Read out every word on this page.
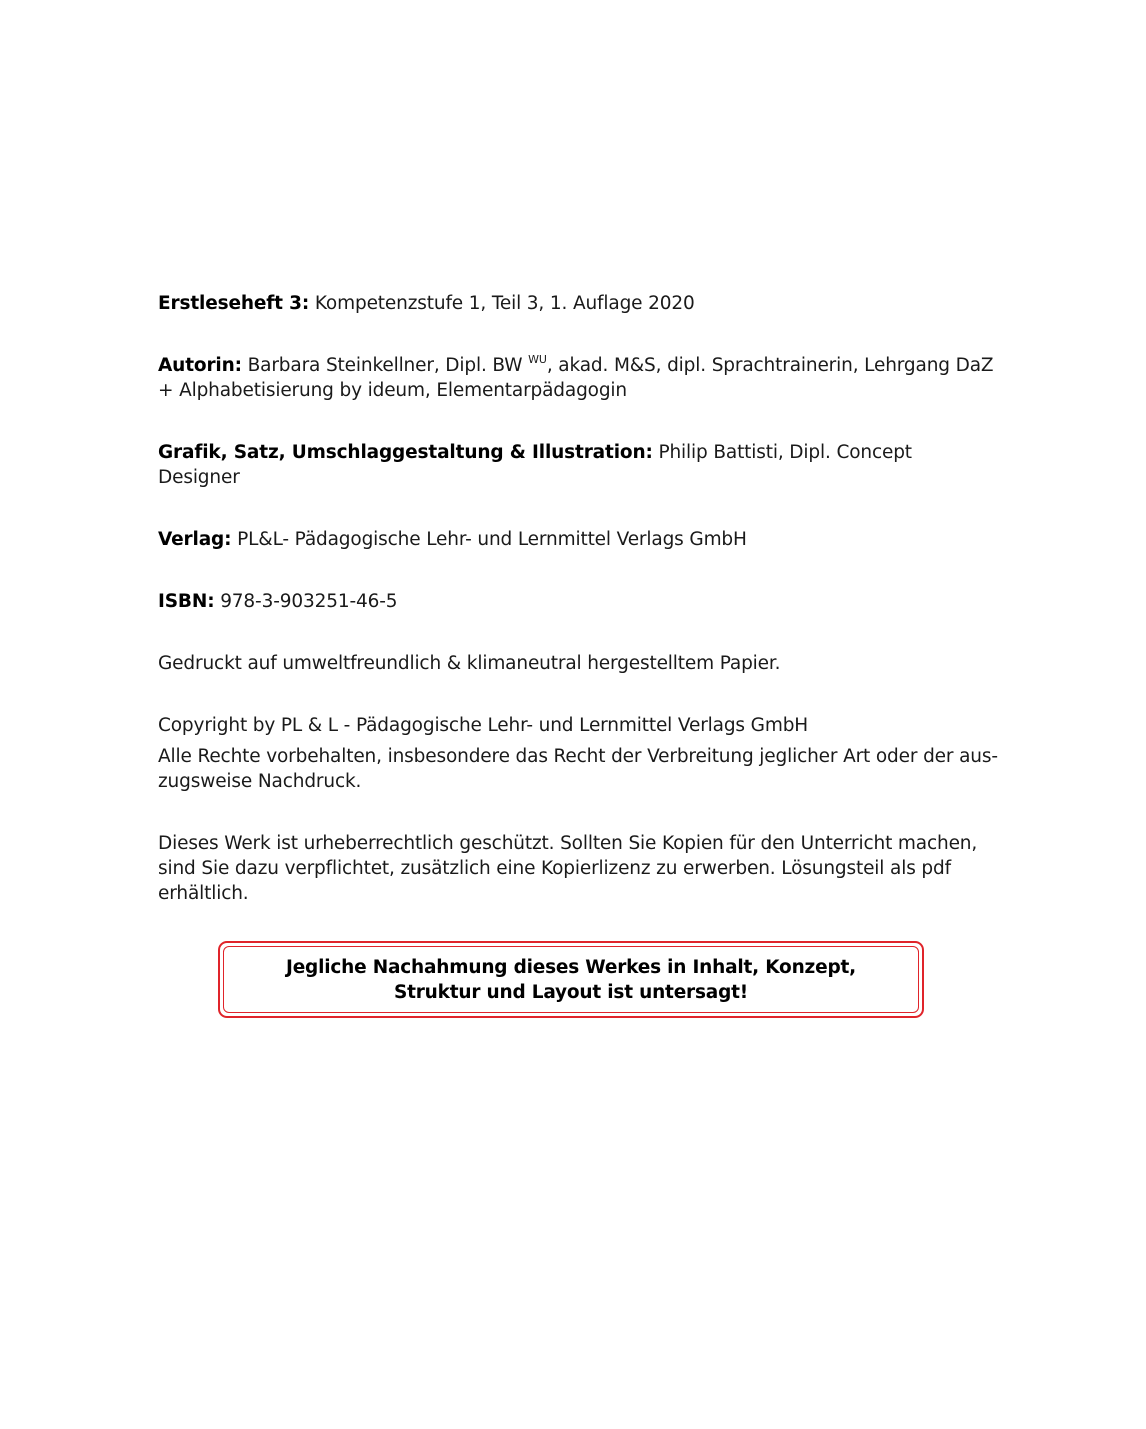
Erstleseheft 3: Kompetenzstufe 1, Teil 3, 1. Auflage 2020

Autorin: Barbara Steinkellner, Dipl. BW $^{WU}$, akad. M&S, dipl. Sprachtrainerin, Lehrgang DaZ + Alphabetisierung by ideum, Elementarpädagogin

Grafik, Satz, Umschlaggestaltung & Illustration: Philip Battisti, Dipl. Concept Designer

Verlag: PL&L- Pädagogische Lehr- und Lernmittel Verlags GmbH

ISBN: 978-3-903251-46-5

Gedruckt auf umweltfreundlich & klimaneutral hergestelltem Papier.

Copyright by PL & L - Pädagogische Lehr- und Lernmittel Verlags GmbH

Alle Rechte vorbehalten, insbesondere das Recht der Verbreitung jeglicher Art oder der auszugsweise Nachdruck.

Dieses Werk ist urheberrechtlich geschützt. Sollten Sie Kopien für den Unterricht machen, sind Sie dazu verpflichtet, zusätzlich eine Kopierlizenz zu erwerben. Lösungsteil als pdf erhältlich.

Jegliche Nachahmung dieses Werkes in Inhalt, Konzept,
Struktur und Layout ist untersagt!
